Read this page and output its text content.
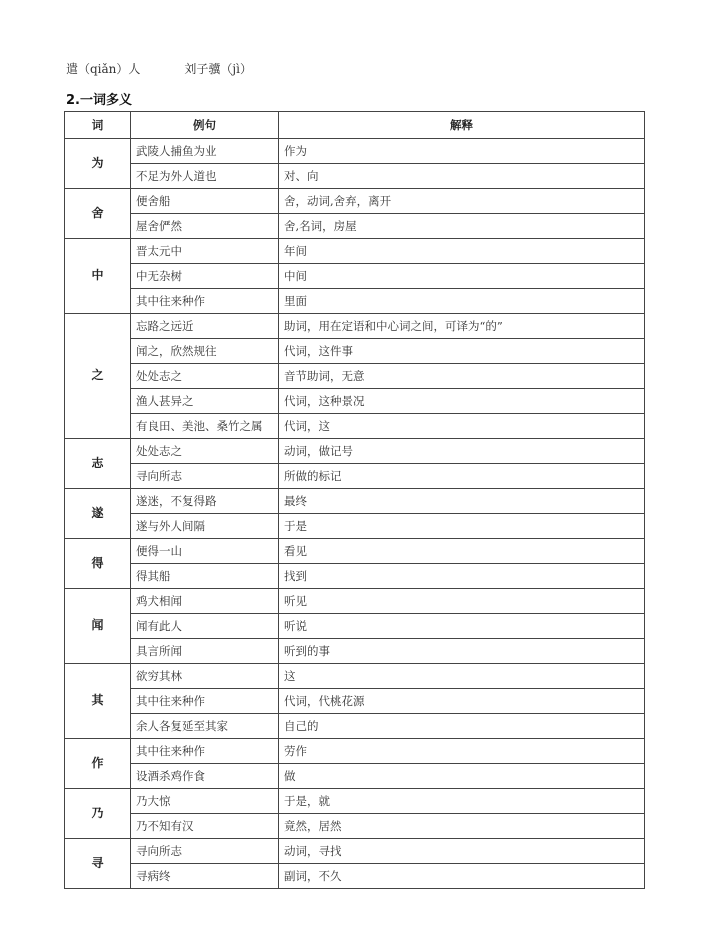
遣（qiǎn）人	刘子骥（jì）
2.一词多义
词	例句	解释
为	武陵人捕鱼为业	作为
	不足为外人道也	对、向
舍	便舍船	舍，动词,舍弃，离开
	屋舍俨然	舍,名词，房屋
中	晋太元中	年间
	中无杂树	中间
	其中往来种作	里面
之	忘路之远近	助词，用在定语和中心词之间，可译为“的”
	闻之，欣然规往	代词，这件事
	处处志之	音节助词，无意
	渔人甚异之	代词，这种景况
	有良田、美池、桑竹之属	代词，这
志	处处志之	动词，做记号
	寻向所志	所做的标记
遂	遂迷，不复得路	最终
	遂与外人间隔	于是
得	便得一山	看见
	得其船	找到
闻	鸡犬相闻	听见
	闻有此人	听说
	具言所闻	听到的事
其	欲穷其林	这
	其中往来种作	代词，代桃花源
	余人各复延至其家	自己的
作	其中往来种作	劳作
	设酒杀鸡作食	做
乃	乃大惊	于是，就
	乃不知有汉	竟然，居然
寻	寻向所志	动词，寻找
	寻病终	副词，不久
